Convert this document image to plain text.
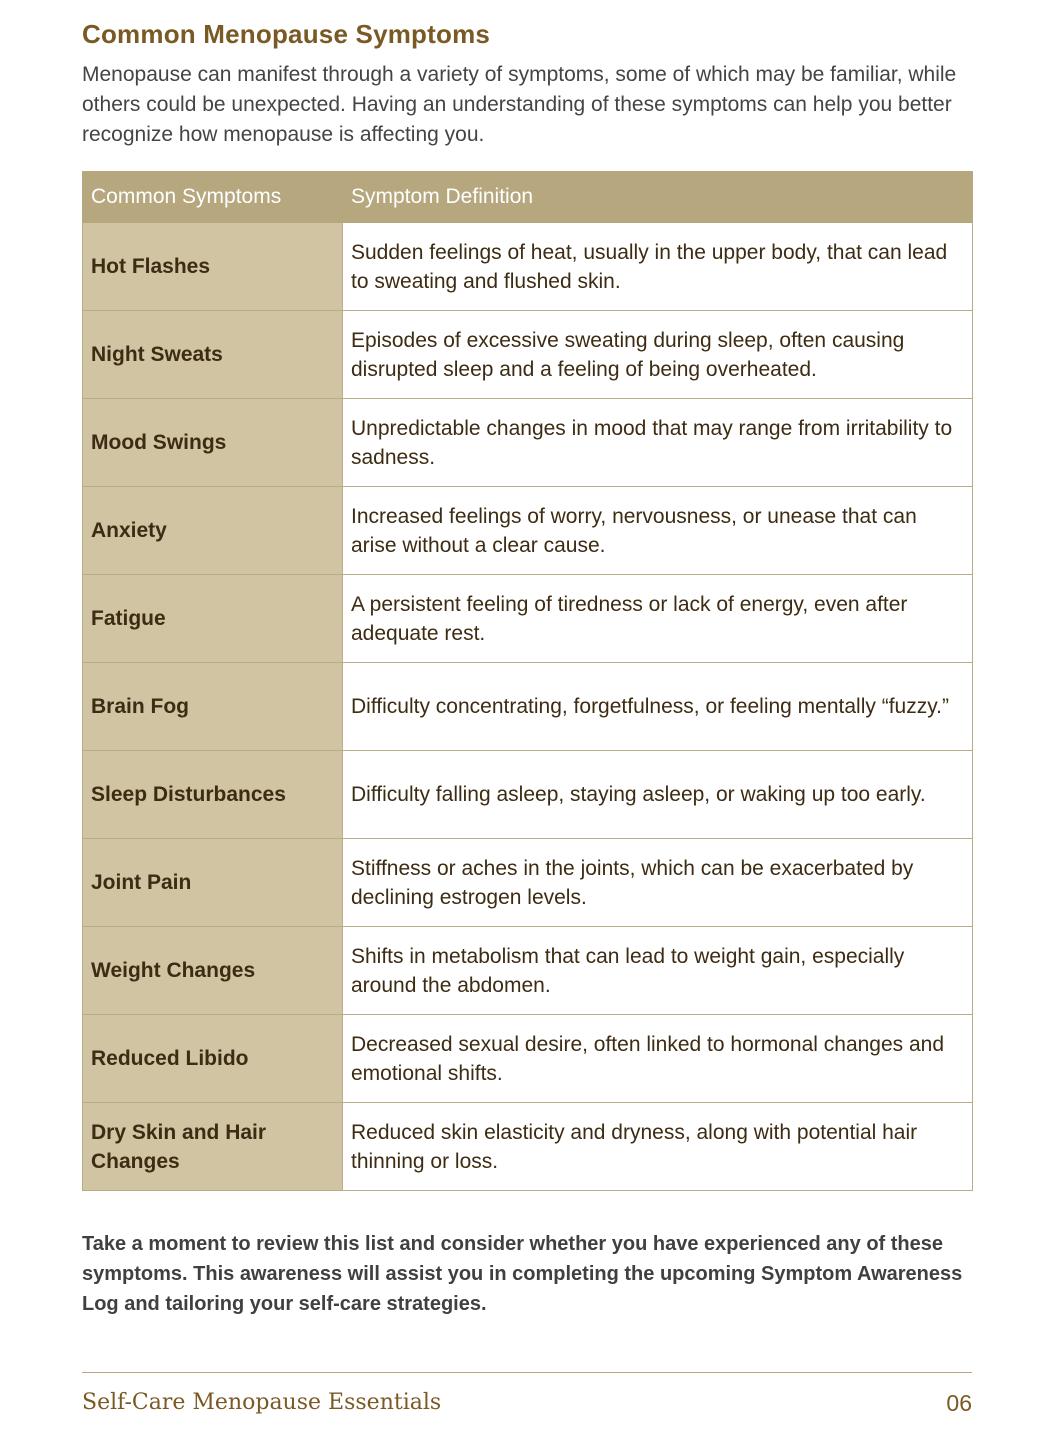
Common Menopause Symptoms

Menopause can manifest through a variety of symptoms, some of which may be familiar, while others could be unexpected. Having an understanding of these symptoms can help you better recognize how menopause is affecting you.

Common Symptoms	Symptom Definition
Hot Flashes	Sudden feelings of heat, usually in the upper body, that can lead to sweating and flushed skin.
Night Sweats	Episodes of excessive sweating during sleep, often causing disrupted sleep and a feeling of being overheated.
Mood Swings	Unpredictable changes in mood that may range from irritability to sadness.
Anxiety	Increased feelings of worry, nervousness, or unease that can arise without a clear cause.
Fatigue	A persistent feeling of tiredness or lack of energy, even after adequate rest.
Brain Fog	Difficulty concentrating, forgetfulness, or feeling mentally “fuzzy.”
Sleep Disturbances	Difficulty falling asleep, staying asleep, or waking up too early.
Joint Pain	Stiffness or aches in the joints, which can be exacerbated by declining estrogen levels.
Weight Changes	Shifts in metabolism that can lead to weight gain, especially around the abdomen.
Reduced Libido	Decreased sexual desire, often linked to hormonal changes and emotional shifts.
Dry Skin and Hair Changes	Reduced skin elasticity and dryness, along with potential hair thinning or loss.

Take a moment to review this list and consider whether you have experienced any of these symptoms. This awareness will assist you in completing the upcoming Symptom Awareness Log and tailoring your self-care strategies.

Self-Care Menopause Essentials	06
